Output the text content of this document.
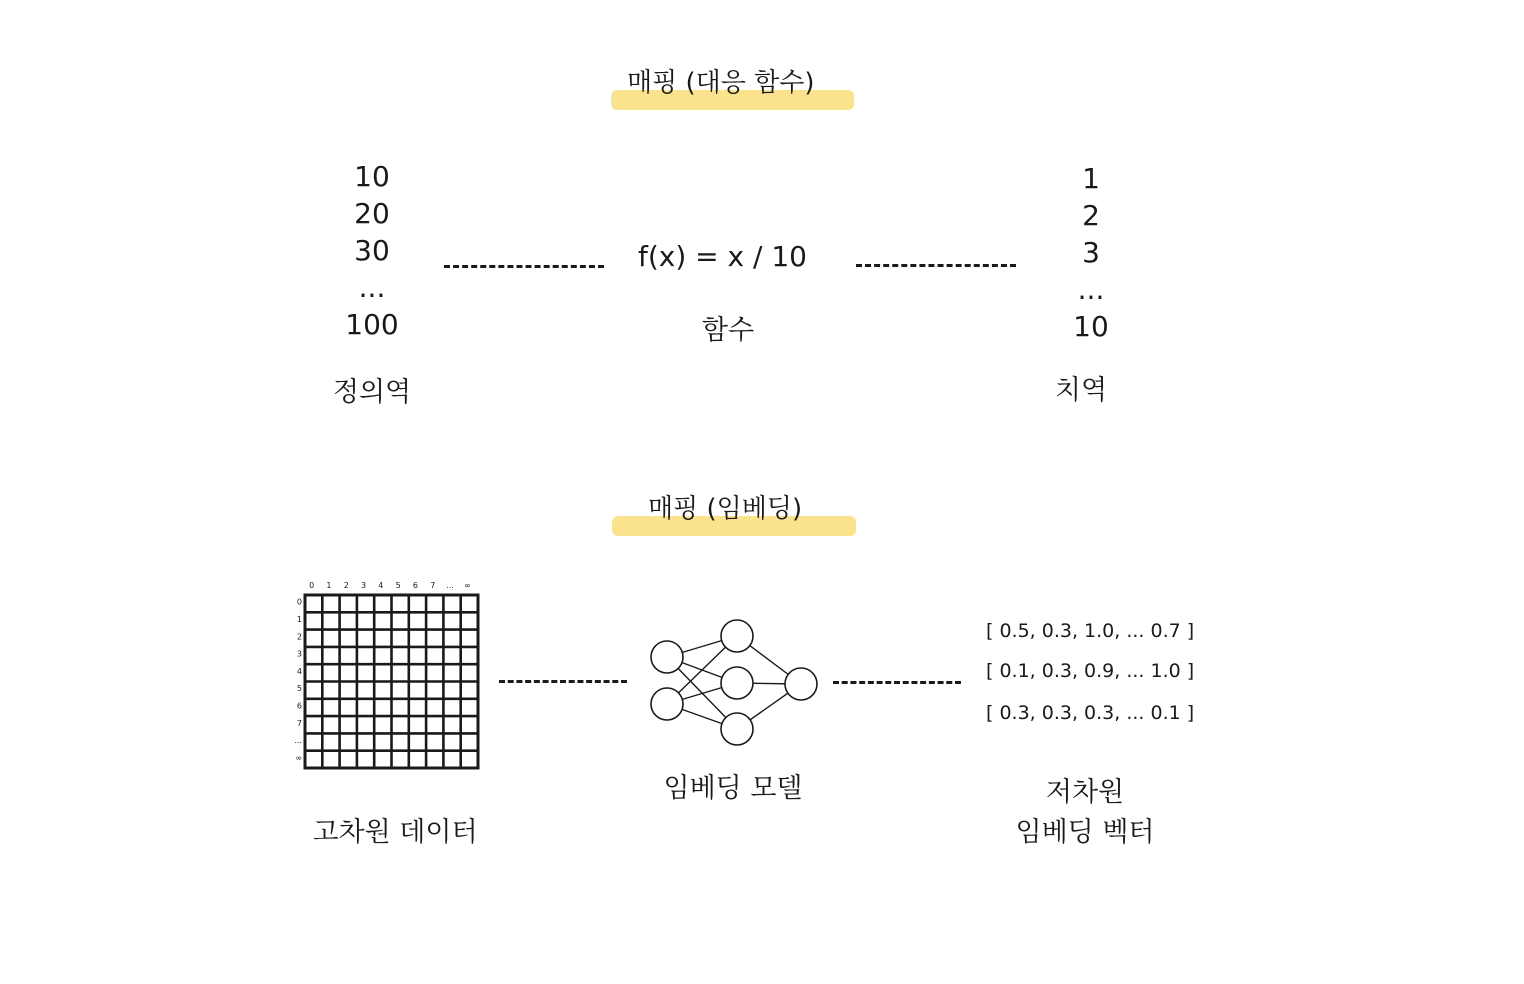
매핑 (대응 함수)
10
20
30
...
100
정의역
f(x) = x / 10
함수
1
2
3
...
10
치역
매핑 (임베딩)
0 1 2 3 4 5 6 7 ... ∞
0
1
2
3
4
5
6
7
...
∞
고차원 데이터
임베딩 모델
[ 0.5, 0.3, 1.0, ... 0.7 ]
[ 0.1, 0.3, 0.9, ... 1.0 ]
[ 0.3, 0.3, 0.3, ... 0.1 ]
저차원
임베딩 벡터
